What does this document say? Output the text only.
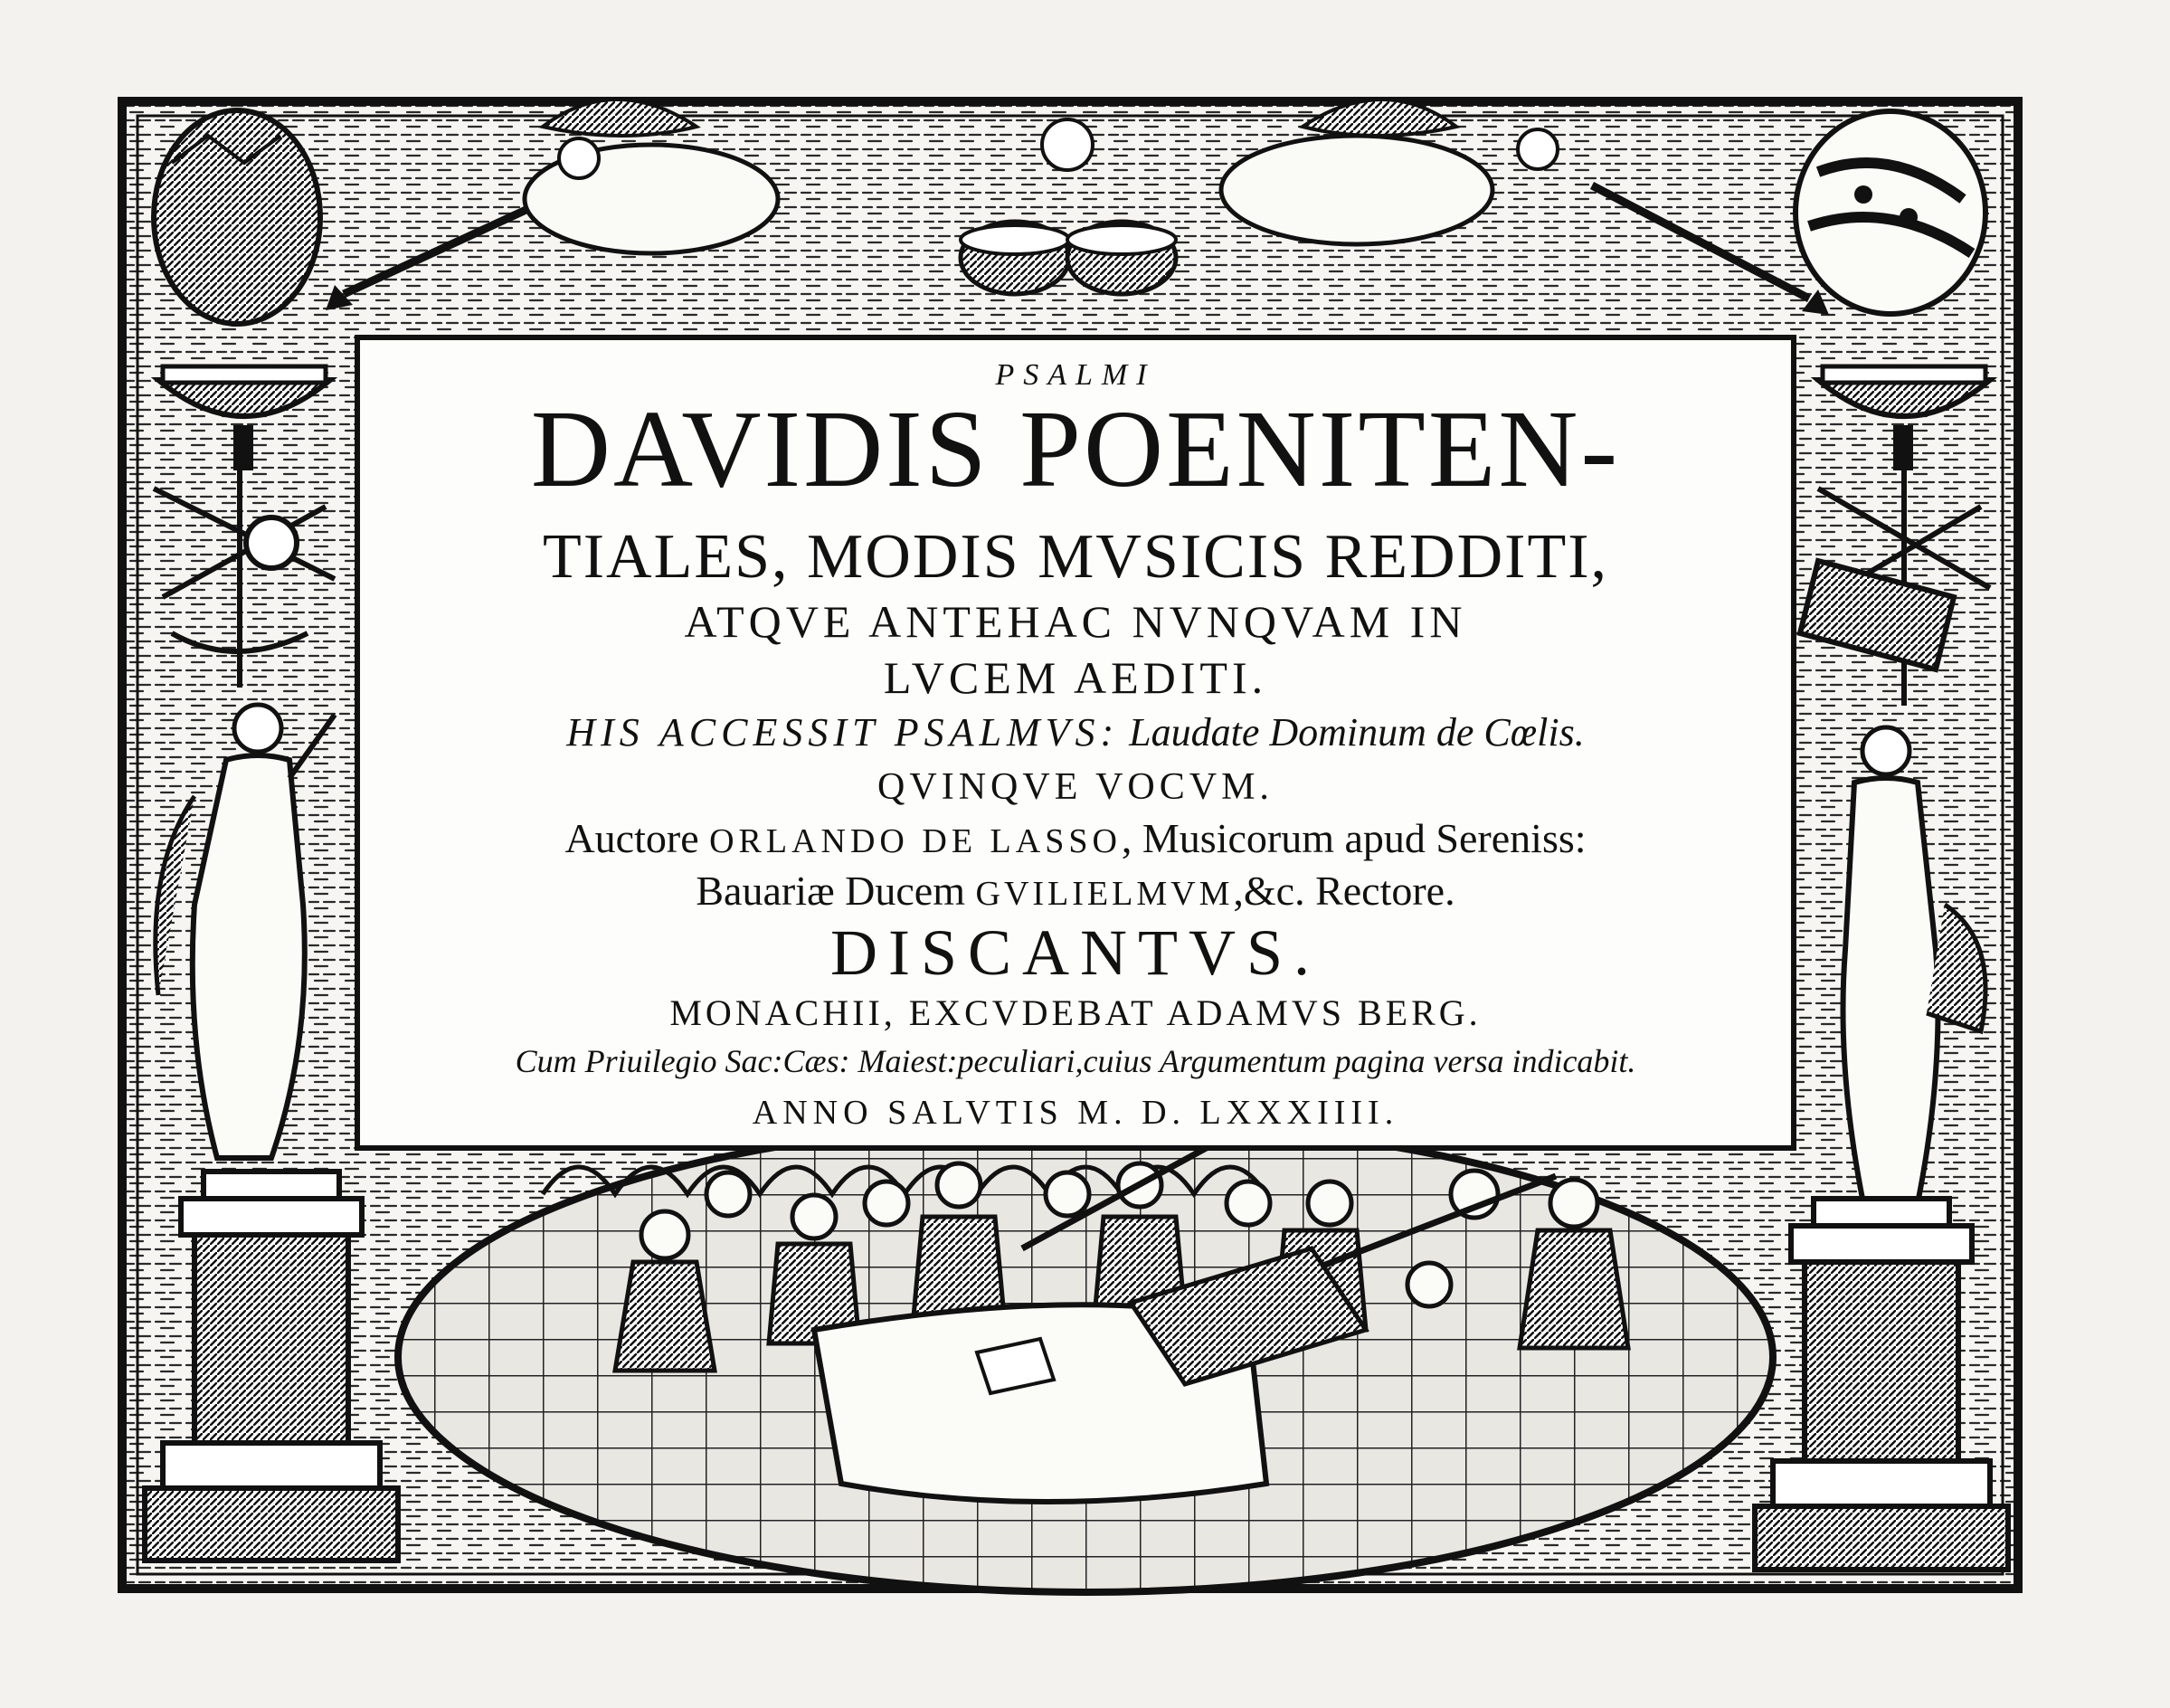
PSALMI
DAVIDIS POENITEN-
TIALES, MODIS MVSICIS REDDITI,
ATQVE ANTEHAC NVNQVAM IN
LVCEM AEDITI.
HIS ACCESSIT PSALMVS: Laudate Dominum de Cœlis.
QVINQVE VOCVM.
Auctore ORLANDO DE LASSO, Musicorum apud Sereniss:
Bauariæ Ducem GVILIELMVM,&c. Rectore.
DISCANTVS.
MONACHII, EXCVDEBAT ADAMVS BERG.
Cum Priuilegio Sac:Cæs: Maiest:peculiari,cuius Argumentum pagina versa indicabit.
ANNO SALVTIS M. D. LXXXIIII.
